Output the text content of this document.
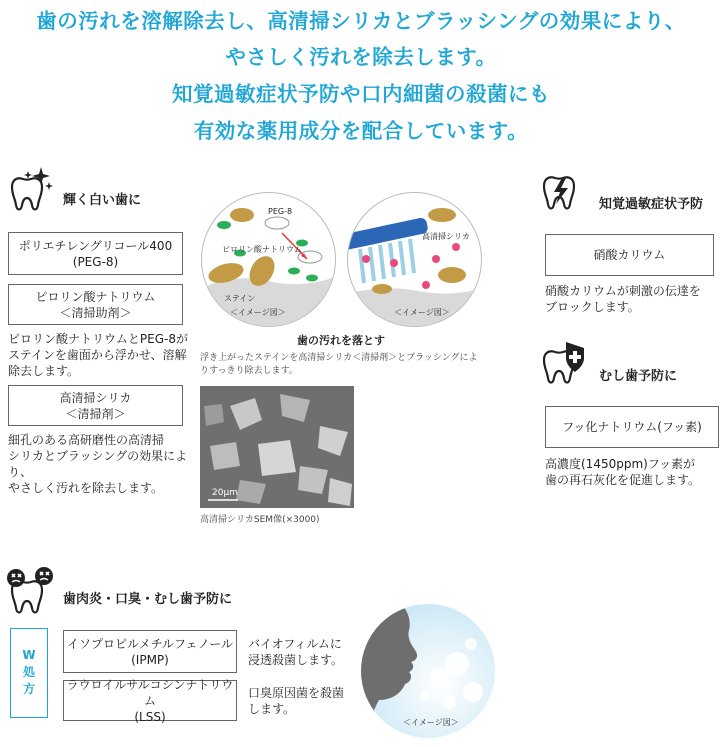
歯の汚れを溶解除去し、高清掃シリカとブラッシングの効果により、
やさしく汚れを除去します。
知覚過敏症状予防や口内細菌の殺菌にも
有効な薬用成分を配合しています。
輝く白い歯に
ポリエチレングリコール400
(PEG-8)
ピロリン酸ナトリウム
＜清掃助剤＞
ピロリン酸ナトリウムとPEG-8が
ステインを歯面から浮かせ、溶解
除去します。
高清掃シリカ
＜清掃剤＞
細孔のある高研磨性の高清掃
シリカとブラッシングの効果により、
やさしく汚れを除去します。
PEG-8
ピロリン酸ナトリウム
ステイン
＜イメージ図＞
高清掃シリカ
＜イメージ図＞
歯の汚れを落とす
浮き上がったステインを高清掃シリカ＜清掃剤＞とブラッシングによ
りすっきり除去します。
20μm
高清掃シリカSEM像(×3000)
知覚過敏症状予防
硝酸カリウム
硝酸カリウムが刺激の伝達を
ブロックします。
むし歯予防に
フッ化ナトリウム(フッ素)
高濃度(1450ppm)フッ素が
歯の再石灰化を促進します。
歯肉炎・口臭・むし歯予防に
W
処
方
イソプロピルメチルフェノール
(IPMP)
バイオフィルムに
浸透殺菌します。
ラウロイルサルコシンナトリウム
(LSS)
口臭原因菌を殺菌
します。
＜イメージ図＞
